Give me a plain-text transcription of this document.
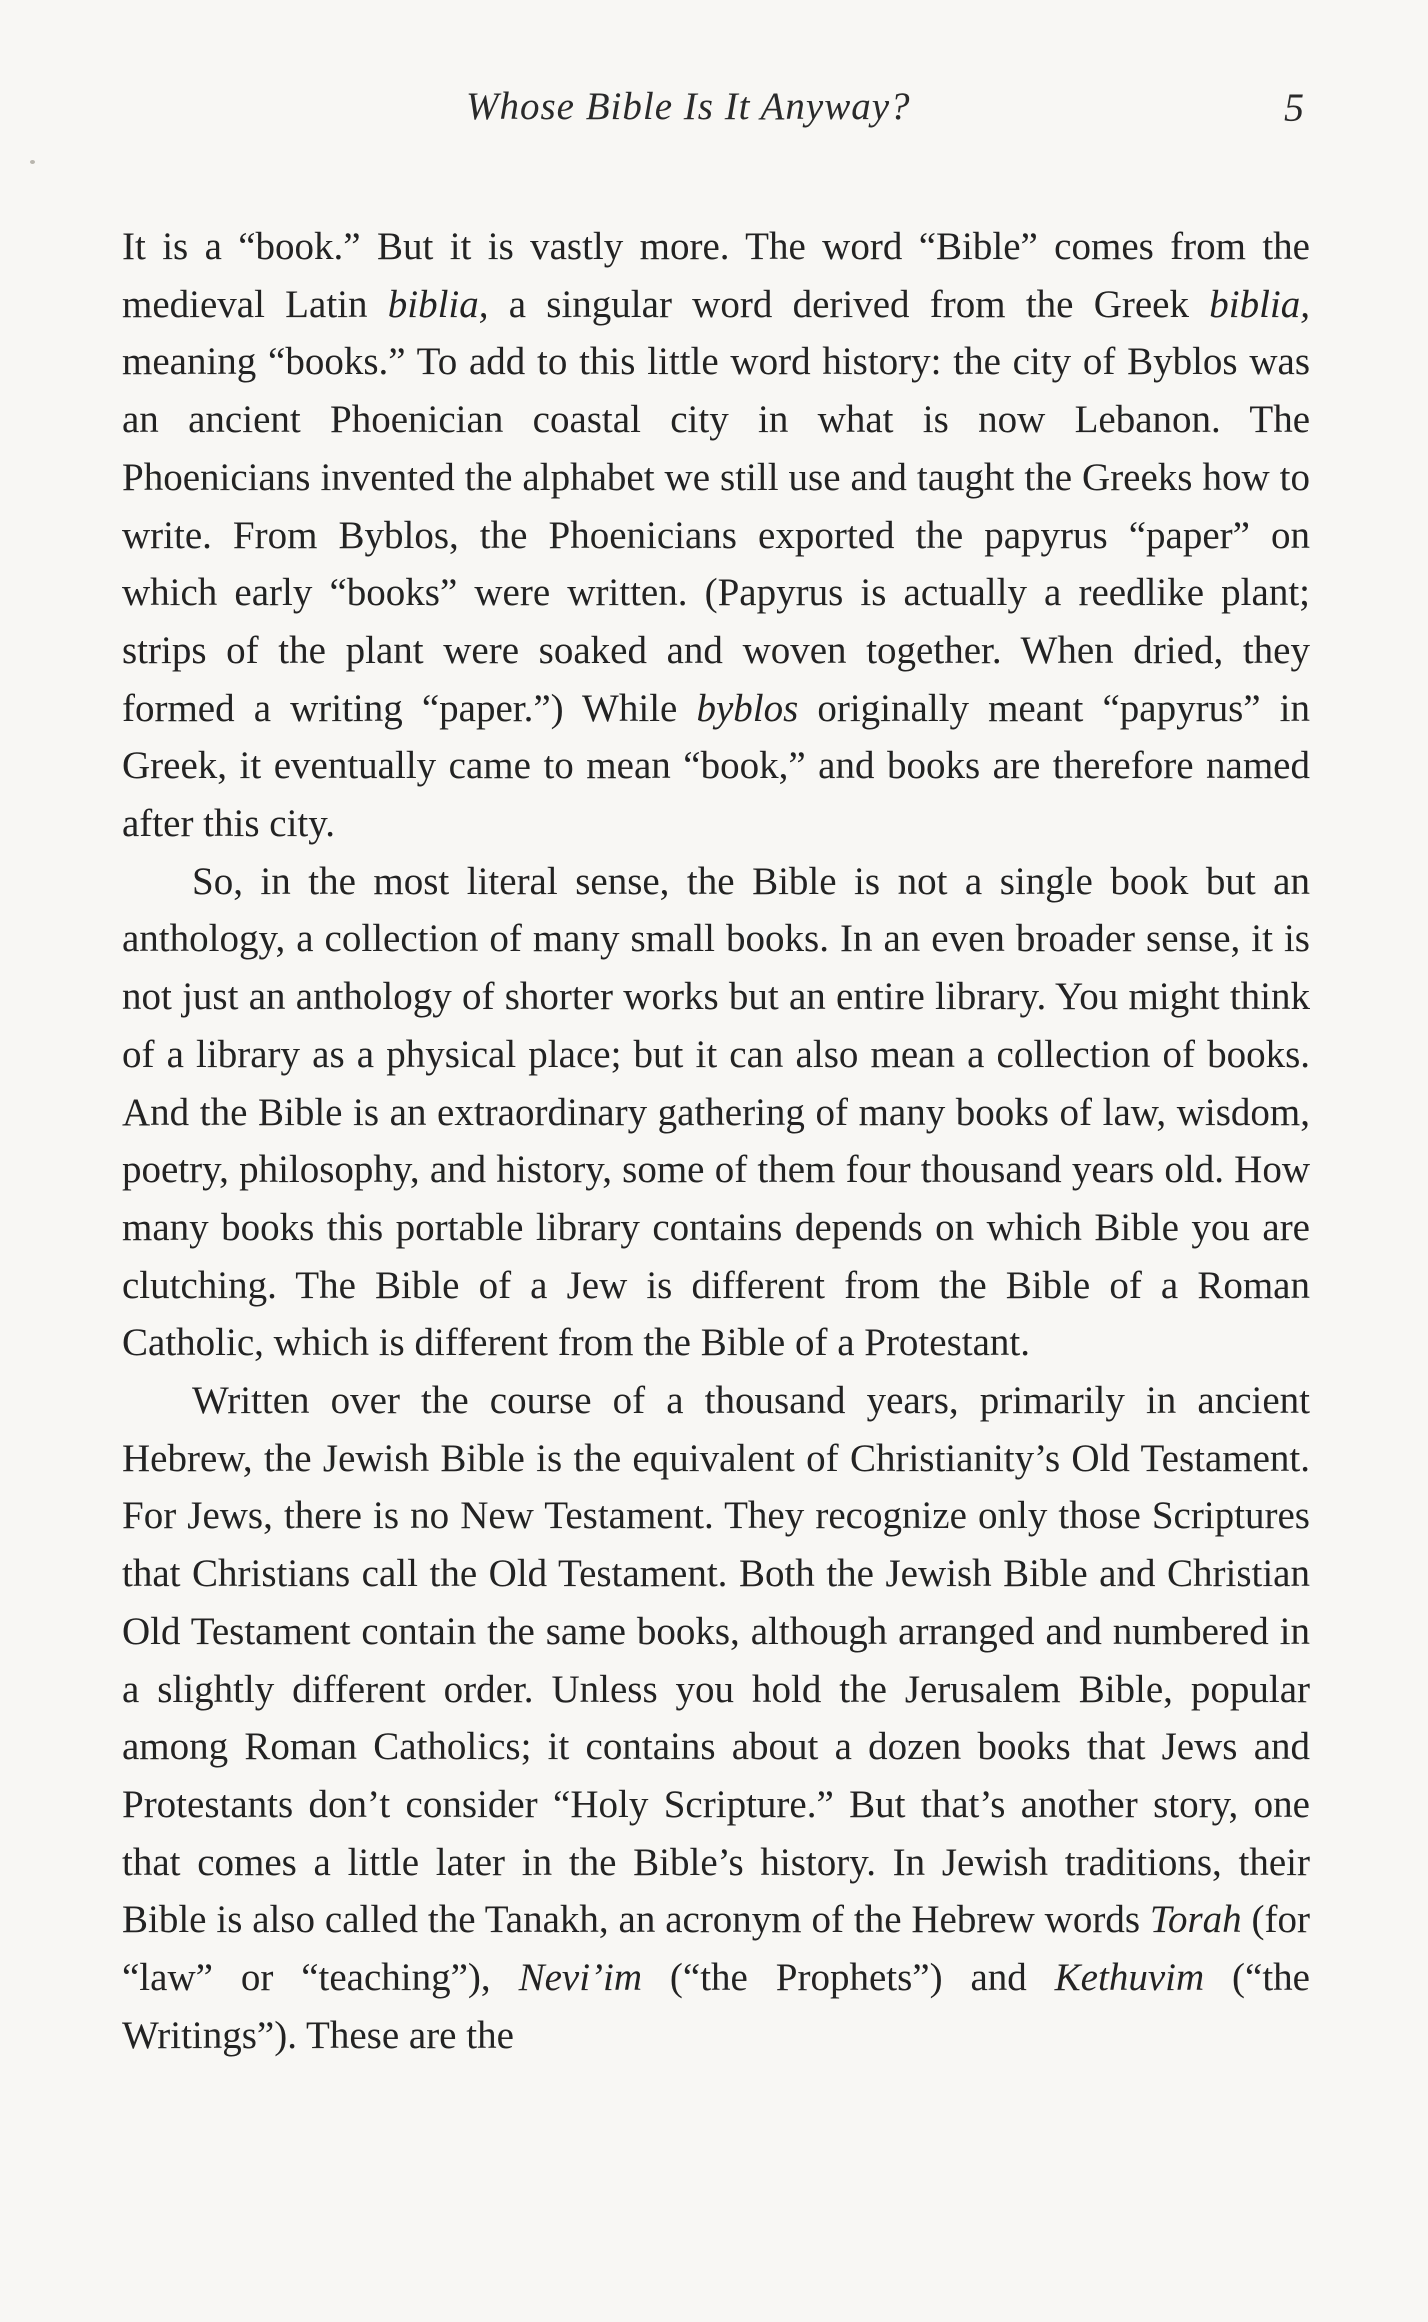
Whose Bible Is It Anyway?	5

It is a “book.” But it is vastly more. The word “Bible” comes from the medieval Latin biblia, a singular word derived from the Greek biblia, meaning “books.” To add to this little word history: the city of Byblos was an ancient Phoenician coastal city in what is now Lebanon. The Phoenicians invented the alphabet we still use and taught the Greeks how to write. From Byblos, the Phoenicians exported the papyrus “paper” on which early “books” were written. (Papyrus is actually a reedlike plant; strips of the plant were soaked and woven together. When dried, they formed a writing “paper.”) While byblos originally meant “papyrus” in Greek, it eventually came to mean “book,” and books are therefore named after this city.

So, in the most literal sense, the Bible is not a single book but an anthology, a collection of many small books. In an even broader sense, it is not just an anthology of shorter works but an entire library. You might think of a library as a physical place; but it can also mean a collection of books. And the Bible is an extraordinary gathering of many books of law, wisdom, poetry, philosophy, and history, some of them four thousand years old. How many books this portable library contains depends on which Bible you are clutching. The Bible of a Jew is different from the Bible of a Roman Catholic, which is different from the Bible of a Protestant.

Written over the course of a thousand years, primarily in ancient Hebrew, the Jewish Bible is the equivalent of Christianity’s Old Testament. For Jews, there is no New Testament. They recognize only those Scriptures that Christians call the Old Testament. Both the Jewish Bible and Christian Old Testament contain the same books, although arranged and numbered in a slightly different order. Unless you hold the Jerusalem Bible, popular among Roman Catholics; it contains about a dozen books that Jews and Protestants don’t consider “Holy Scripture.” But that’s another story, one that comes a little later in the Bible’s history. In Jewish traditions, their Bible is also called the Tanakh, an acronym of the Hebrew words Torah (for “law” or “teaching”), Nevi’im (“the Prophets”) and Kethuvim (“the Writings”). These are the
